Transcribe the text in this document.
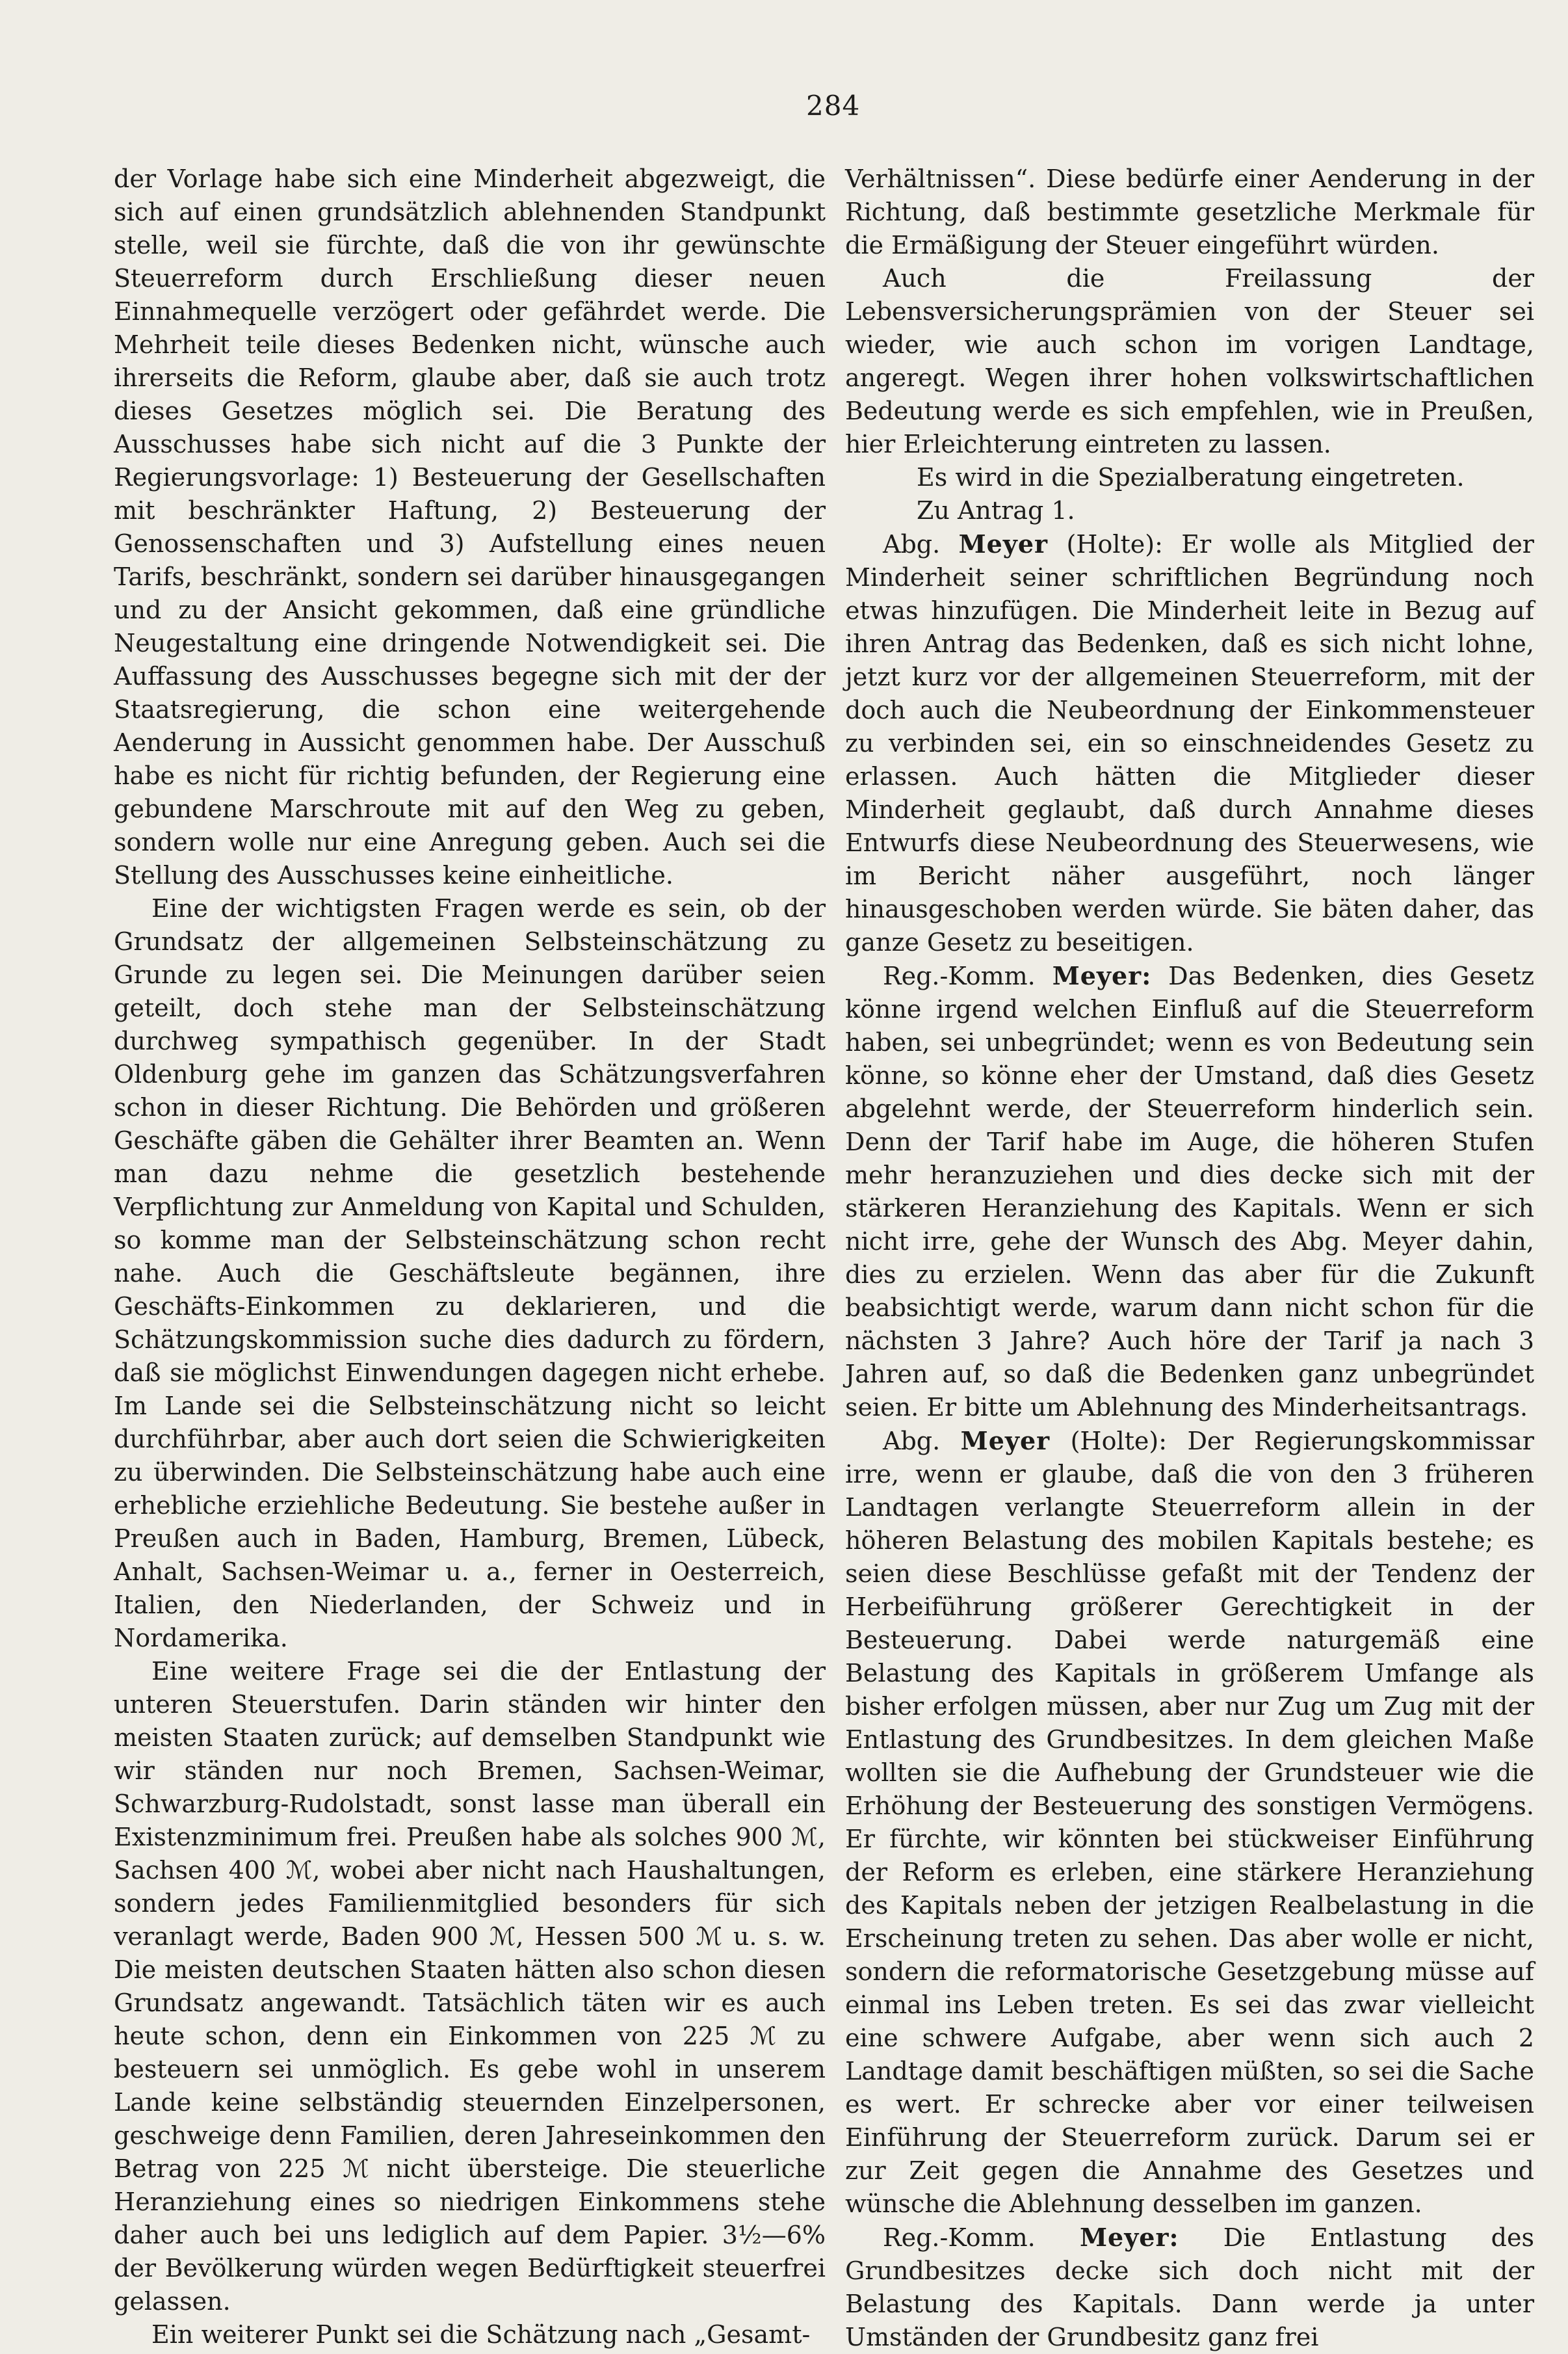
284

der Vorlage habe sich eine Minderheit abgezweigt, die sich auf einen grundsätzlich ablehnenden Standpunkt stelle, weil sie fürchte, daß die von ihr gewünschte Steuerreform durch Erschließung dieser neuen Einnahmequelle verzögert oder gefährdet werde. Die Mehrheit teile dieses Bedenken nicht, wünsche auch ihrerseits die Reform, glaube aber, daß sie auch trotz dieses Gesetzes möglich sei. Die Beratung des Ausschusses habe sich nicht auf die 3 Punkte der Regierungsvorlage: 1) Besteuerung der Gesellschaften mit beschränkter Haftung, 2) Besteuerung der Genossenschaften und 3) Aufstellung eines neuen Tarifs, beschränkt, sondern sei darüber hinausgegangen und zu der Ansicht gekommen, daß eine gründliche Neugestaltung eine dringende Notwendigkeit sei. Die Auffassung des Ausschusses begegne sich mit der der Staatsregierung, die schon eine weitergehende Aenderung in Aussicht genommen habe. Der Ausschuß habe es nicht für richtig befunden, der Regierung eine gebundene Marschroute mit auf den Weg zu geben, sondern wolle nur eine Anregung geben. Auch sei die Stellung des Ausschusses keine einheitliche.

Eine der wichtigsten Fragen werde es sein, ob der Grundsatz der allgemeinen Selbsteinschätzung zu Grunde zu legen sei. Die Meinungen darüber seien geteilt, doch stehe man der Selbsteinschätzung durchweg sympathisch gegenüber. In der Stadt Oldenburg gehe im ganzen das Schätzungsverfahren schon in dieser Richtung. Die Behörden und größeren Geschäfte gäben die Gehälter ihrer Beamten an. Wenn man dazu nehme die gesetzlich bestehende Verpflichtung zur Anmeldung von Kapital und Schulden, so komme man der Selbsteinschätzung schon recht nahe. Auch die Geschäftsleute begännen, ihre Geschäfts-Einkommen zu deklarieren, und die Schätzungskommission suche dies dadurch zu fördern, daß sie möglichst Einwendungen dagegen nicht erhebe. Im Lande sei die Selbsteinschätzung nicht so leicht durchführbar, aber auch dort seien die Schwierigkeiten zu überwinden. Die Selbsteinschätzung habe auch eine erhebliche erziehliche Bedeutung. Sie bestehe außer in Preußen auch in Baden, Hamburg, Bremen, Lübeck, Anhalt, Sachsen-Weimar u. a., ferner in Oesterreich, Italien, den Niederlanden, der Schweiz und in Nordamerika.

Eine weitere Frage sei die der Entlastung der unteren Steuerstufen. Darin ständen wir hinter den meisten Staaten zurück; auf demselben Standpunkt wie wir ständen nur noch Bremen, Sachsen-Weimar, Schwarzburg-Rudolstadt, sonst lasse man überall ein Existenzminimum frei. Preußen habe als solches 900 ℳ, Sachsen 400 ℳ, wobei aber nicht nach Haushaltungen, sondern jedes Familienmitglied besonders für sich veranlagt werde, Baden 900 ℳ, Hessen 500 ℳ u. s. w. Die meisten deutschen Staaten hätten also schon diesen Grundsatz angewandt. Tatsächlich täten wir es auch heute schon, denn ein Einkommen von 225 ℳ zu besteuern sei unmöglich. Es gebe wohl in unserem Lande keine selbständig steuernden Einzelpersonen, geschweige denn Familien, deren Jahreseinkommen den Betrag von 225 ℳ nicht übersteige. Die steuerliche Heranziehung eines so niedrigen Einkommens stehe daher auch bei uns lediglich auf dem Papier. 3½—6% der Bevölkerung würden wegen Bedürftigkeit steuerfrei gelassen.

Ein weiterer Punkt sei die Schätzung nach „Gesamt-

Verhältnissen“. Diese bedürfe einer Aenderung in der Richtung, daß bestimmte gesetzliche Merkmale für die Ermäßigung der Steuer eingeführt würden.

Auch die Freilassung der Lebensversicherungsprämien von der Steuer sei wieder, wie auch schon im vorigen Landtage, angeregt. Wegen ihrer hohen volkswirtschaftlichen Bedeutung werde es sich empfehlen, wie in Preußen, hier Erleichterung eintreten zu lassen.

Es wird in die Spezialberatung eingetreten.

Zu Antrag 1.

Abg. Meyer (Holte): Er wolle als Mitglied der Minderheit seiner schriftlichen Begründung noch etwas hinzufügen. Die Minderheit leite in Bezug auf ihren Antrag das Bedenken, daß es sich nicht lohne, jetzt kurz vor der allgemeinen Steuerreform, mit der doch auch die Neubeordnung der Einkommensteuer zu verbinden sei, ein so einschneidendes Gesetz zu erlassen. Auch hätten die Mitglieder dieser Minderheit geglaubt, daß durch Annahme dieses Entwurfs diese Neubeordnung des Steuerwesens, wie im Bericht näher ausgeführt, noch länger hinausgeschoben werden würde. Sie bäten daher, das ganze Gesetz zu beseitigen.

Reg.-Komm. Meyer: Das Bedenken, dies Gesetz könne irgend welchen Einfluß auf die Steuerreform haben, sei unbegründet; wenn es von Bedeutung sein könne, so könne eher der Umstand, daß dies Gesetz abgelehnt werde, der Steuerreform hinderlich sein. Denn der Tarif habe im Auge, die höheren Stufen mehr heranzuziehen und dies decke sich mit der stärkeren Heranziehung des Kapitals. Wenn er sich nicht irre, gehe der Wunsch des Abg. Meyer dahin, dies zu erzielen. Wenn das aber für die Zukunft beabsichtigt werde, warum dann nicht schon für die nächsten 3 Jahre? Auch höre der Tarif ja nach 3 Jahren auf, so daß die Bedenken ganz unbegründet seien. Er bitte um Ablehnung des Minderheitsantrags.

Abg. Meyer (Holte): Der Regierungskommissar irre, wenn er glaube, daß die von den 3 früheren Landtagen verlangte Steuerreform allein in der höheren Belastung des mobilen Kapitals bestehe; es seien diese Beschlüsse gefaßt mit der Tendenz der Herbeiführung größerer Gerechtigkeit in der Besteuerung. Dabei werde naturgemäß eine Belastung des Kapitals in größerem Umfange als bisher erfolgen müssen, aber nur Zug um Zug mit der Entlastung des Grundbesitzes. In dem gleichen Maße wollten sie die Aufhebung der Grundsteuer wie die Erhöhung der Besteuerung des sonstigen Vermögens. Er fürchte, wir könnten bei stückweiser Einführung der Reform es erleben, eine stärkere Heranziehung des Kapitals neben der jetzigen Realbelastung in die Erscheinung treten zu sehen. Das aber wolle er nicht, sondern die reformatorische Gesetzgebung müsse auf einmal ins Leben treten. Es sei das zwar vielleicht eine schwere Aufgabe, aber wenn sich auch 2 Landtage damit beschäftigen müßten, so sei die Sache es wert. Er schrecke aber vor einer teilweisen Einführung der Steuerreform zurück. Darum sei er zur Zeit gegen die Annahme des Gesetzes und wünsche die Ablehnung desselben im ganzen.

Reg.-Komm. Meyer: Die Entlastung des Grundbesitzes decke sich doch nicht mit der Belastung des Kapitals. Dann werde ja unter Umständen der Grundbesitz ganz frei
